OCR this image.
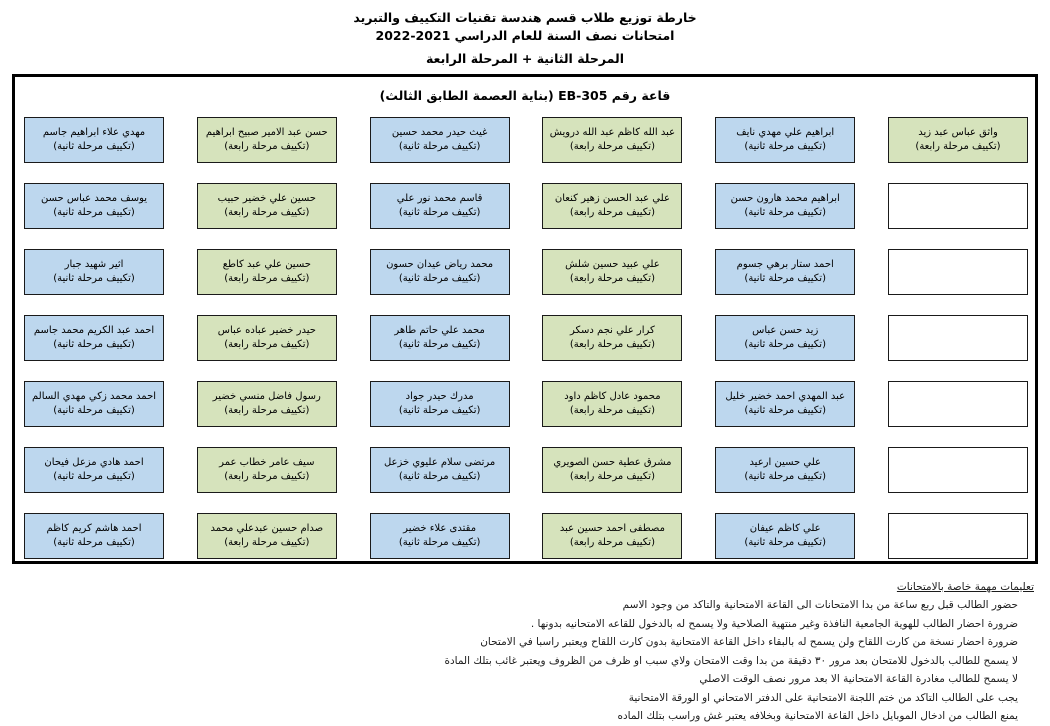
خارطة توزيع طلاب قسم هندسة تقنيات التكييف والتبريد
امتحانات نصف السنة للعام الدراسي 2021-2022
المرحلة الثانية + المرحلة الرابعة
قاعة رقم EB-305 (بناية العصمة الطابق الثالث)
واثق عباس عبد زيد
(تكييف مرحلة رابعة)
ابراهيم علي مهدي نايف
(تكييف مرحلة ثانية)
ابراهيم محمد هارون حسن
(تكييف مرحلة ثانية)
احمد ستار برهي جسوم
(تكييف مرحلة ثانية)
زيد حسن عباس
(تكييف مرحلة ثانية)
عبد المهدي احمد خضير خليل
(تكييف مرحلة ثانية)
علي حسين ارعيد
(تكييف مرحلة ثانية)
علي كاظم عيفان
(تكييف مرحلة ثانية)
عبد الله كاظم عبد الله درويش
(تكييف مرحلة رابعة)
علي عبد الحسن زهير كنعان
(تكييف مرحلة رابعة)
علي عبيد حسين شلش
(تكييف مرحلة رابعة)
كرار علي نجم دسكر
(تكييف مرحلة رابعة)
محمود عادل كاظم داود
(تكييف مرحلة رابعة)
مشرق عطية حسن الصويري
(تكييف مرحلة رابعة)
مصطفى احمد حسين عبد
(تكييف مرحلة رابعة)
غيث حيدر محمد حسين
(تكييف مرحلة ثانية)
قاسم محمد نور علي
(تكييف مرحلة ثانية)
محمد رياض عيدان حسون
(تكييف مرحلة ثانية)
محمد علي حاتم طاهر
(تكييف مرحلة ثانية)
مدرك حيدر جواد
(تكييف مرحلة ثانية)
مرتضى سلام عليوي خزعل
(تكييف مرحلة ثانية)
مقتدى علاء خضير
(تكييف مرحلة ثانية)
حسن عبد الامير صبيح ابراهيم
(تكييف مرحلة رابعة)
حسين علي خضير حبيب
(تكييف مرحلة رابعة)
حسين علي عبد كاطع
(تكييف مرحلة رابعة)
حيدر خضير عباده عباس
(تكييف مرحلة رابعة)
رسول فاضل منسي خضير
(تكييف مرحلة رابعة)
سيف عامر خطاب عمر
(تكييف مرحلة رابعة)
صدام حسين عبدعلي محمد
(تكييف مرحلة رابعة)
مهدي علاء ابراهيم جاسم
(تكييف مرحلة ثانية)
يوسف محمد عباس حسن
(تكييف مرحلة ثانية)
اثير شهيد جبار
(تكييف مرحلة ثانية)
احمد عبد الكريم محمد جاسم
(تكييف مرحلة ثانية)
احمد محمد زكي مهدي السالم
(تكييف مرحلة ثانية)
احمد هادي مزعل فيحان
(تكييف مرحلة ثانية)
احمد هاشم كريم كاظم
(تكييف مرحلة ثانية)
تعليمات مهمة خاصة بالامتحانات
حضور الطالب قبل ربع ساعة من بدا الامتحانات الى القاعة الامتحانية والتاكد من وجود الاسم
ضرورة احضار الطالب للهوية الجامعية النافذة وغير منتهية الصلاحية ولا يسمح له بالدخول للقاعه الامتحانيه بدونها .
ضرورة احضار نسخة من كارت اللقاح ولن يسمح له بالبقاء داخل القاعة الامتحانية بدون كارت اللقاح ويعتبر راسبا في الامتحان
لا يسمح للطالب بالدخول للامتحان بعد مرور ٣٠ دقيقة من بدا وقت الامتحان ولاي سبب او ظرف من الظروف ويعتبر غائب بتلك المادة
لا يسمح للطالب مغادرة القاعة الامتحانية الا بعد مرور نصف الوقت الاصلي
يجب على الطالب التاكد من ختم اللجنة الامتحانية على الدفتر الامتحاني او الورقة الامتحانية
يمنع الطالب من ادخال الموبايل داخل القاعة الامتحانية وبخلافه يعتبر غش وراسب بتلك الماده
